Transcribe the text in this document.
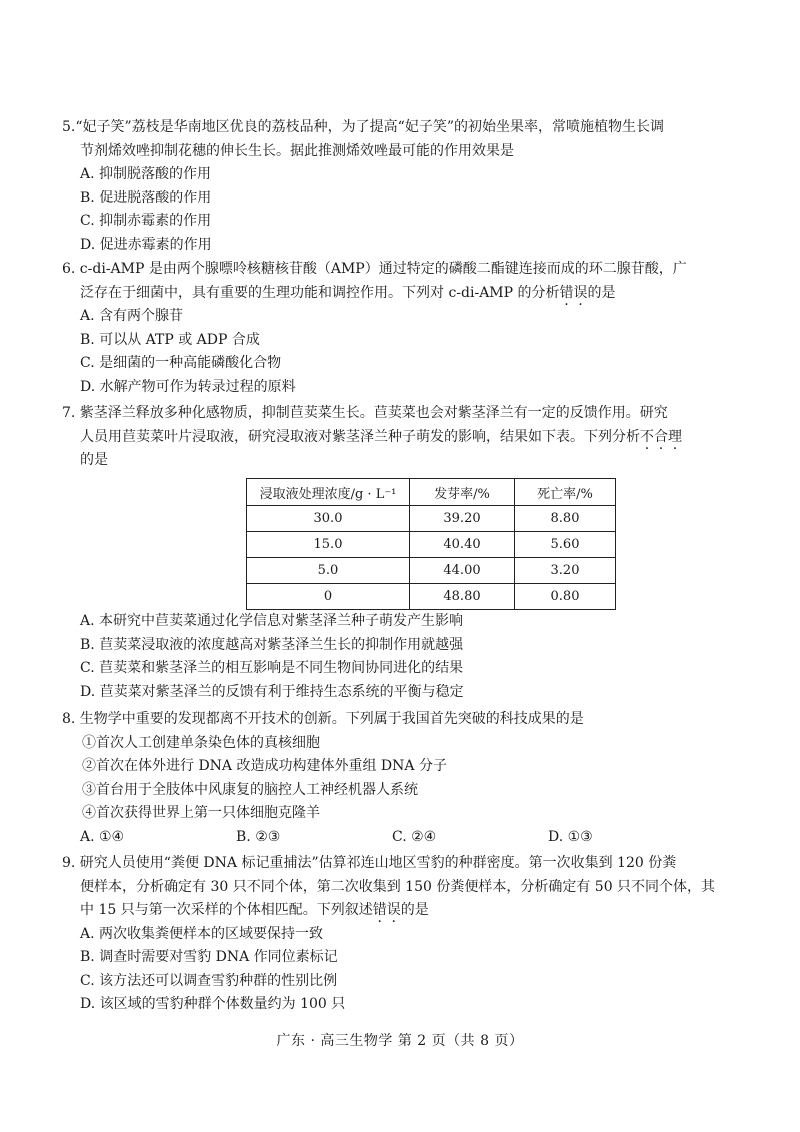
5.“妃子笑”荔枝是华南地区优良的荔枝品种，为了提高“妃子笑”的初始坐果率，常喷施植物生长调
节剂烯效唑抑制花穗的伸长生长。据此推测烯效唑最可能的作用效果是
A. 抑制脱落酸的作用
B. 促进脱落酸的作用
C. 抑制赤霉素的作用
D. 促进赤霉素的作用
6. c-di-AMP 是由两个腺嘌呤核糖核苷酸（AMP）通过特定的磷酸二酯键连接而成的环二腺苷酸，广
泛存在于细菌中，具有重要的生理功能和调控作用。下列对 c-di-AMP 的分析错误的是
A. 含有两个腺苷
B. 可以从 ATP 或 ADP 合成
C. 是细菌的一种高能磷酸化合物
D. 水解产物可作为转录过程的原料
7. 紫茎泽兰释放多种化感物质，抑制苣荬菜生长。苣荬菜也会对紫茎泽兰有一定的反馈作用。研究
人员用苣荬菜叶片浸取液，研究浸取液对紫茎泽兰种子萌发的影响，结果如下表。下列分析不合理
的是
浸取液处理浓度/g · L⁻¹	发芽率/%	死亡率/%
30.0	39.20	8.80
15.0	40.40	5.60
5.0	44.00	3.20
0	48.80	0.80
A. 本研究中苣荬菜通过化学信息对紫茎泽兰种子萌发产生影响
B. 苣荬菜浸取液的浓度越高对紫茎泽兰生长的抑制作用就越强
C. 苣荬菜和紫茎泽兰的相互影响是不同生物间协同进化的结果
D. 苣荬菜对紫茎泽兰的反馈有利于维持生态系统的平衡与稳定
8. 生物学中重要的发现都离不开技术的创新。下列属于我国首先突破的科技成果的是
①首次人工创建单条染色体的真核细胞
②首次在体外进行 DNA 改造成功构建体外重组 DNA 分子
③首台用于全肢体中风康复的脑控人工神经机器人系统
④首次获得世界上第一只体细胞克隆羊
A. ①④	B. ②③	C. ②④	D. ①③
9. 研究人员使用“粪便 DNA 标记重捕法”估算祁连山地区雪豹的种群密度。第一次收集到 120 份粪
便样本，分析确定有 30 只不同个体，第二次收集到 150 份粪便样本，分析确定有 50 只不同个体，其
中 15 只与第一次采样的个体相匹配。下列叙述错误的是
A. 两次收集粪便样本的区域要保持一致
B. 调查时需要对雪豹 DNA 作同位素标记
C. 该方法还可以调查雪豹种群的性别比例
D. 该区域的雪豹种群个体数量约为 100 只
广东 · 高三生物学 第 2 页（共 8 页）
